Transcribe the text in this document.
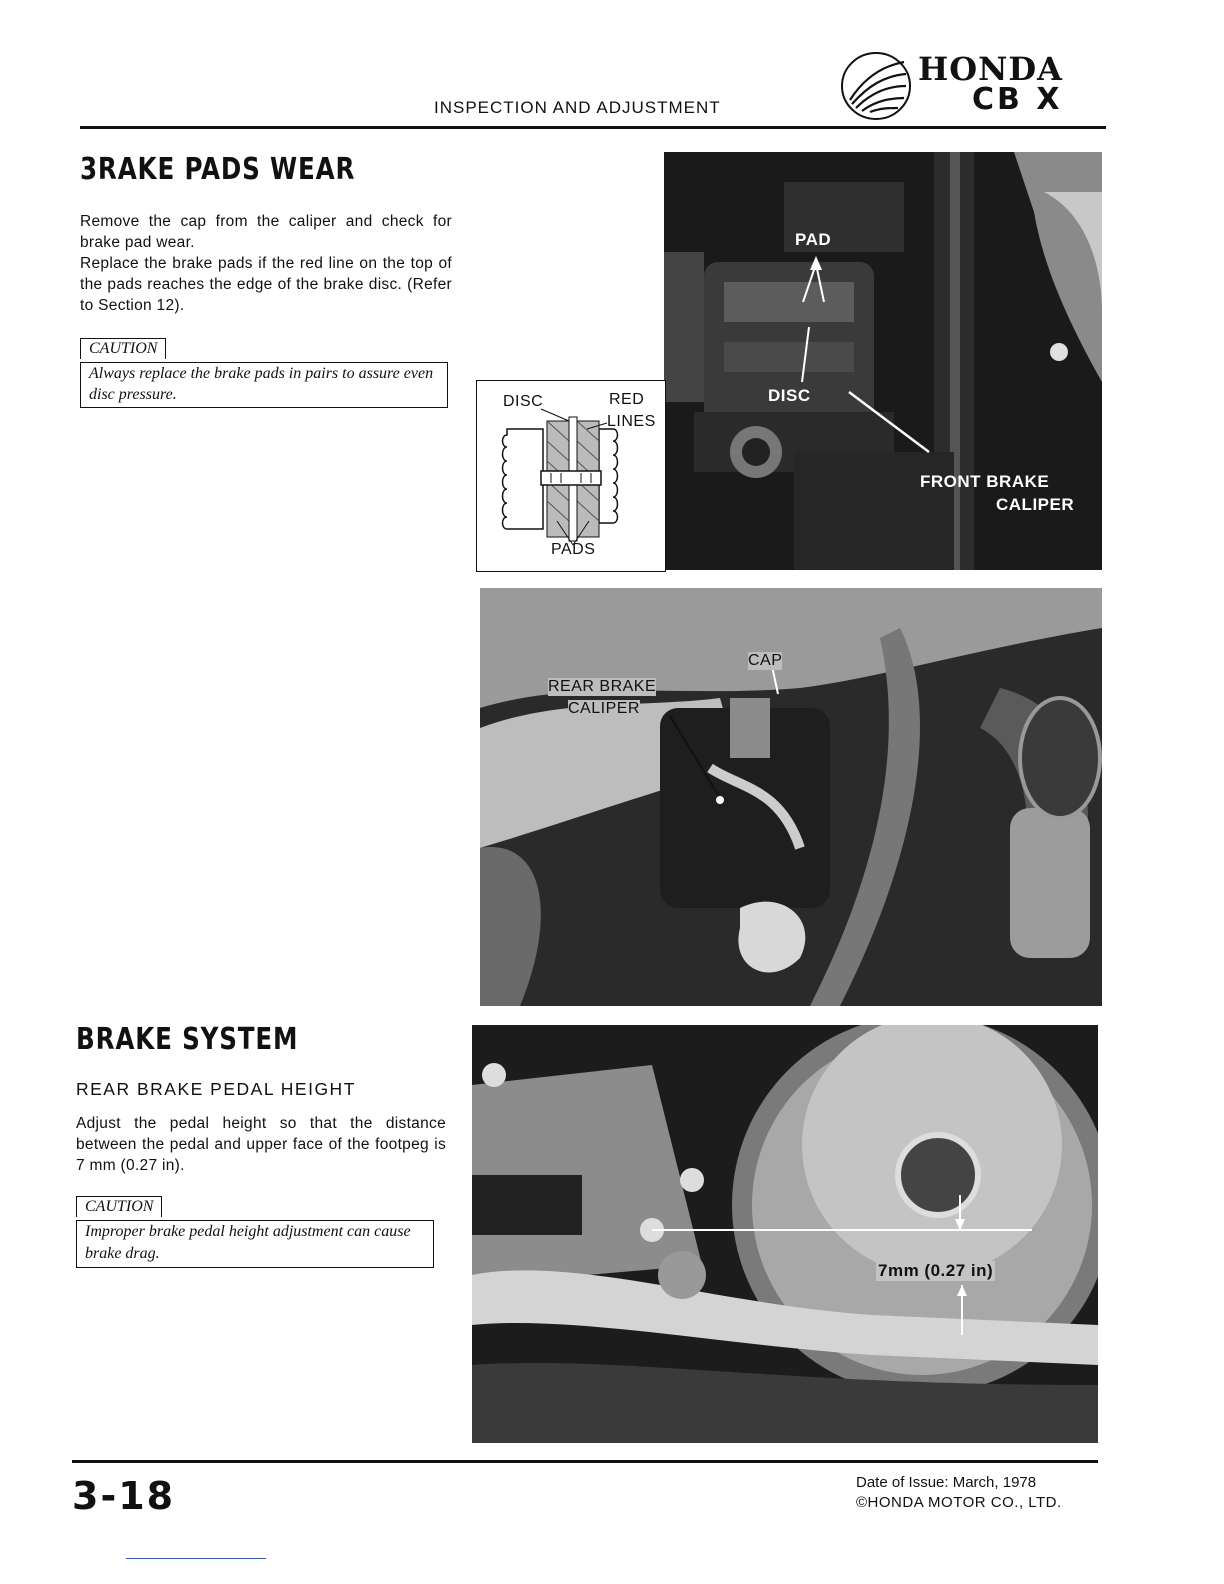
INSPECTION AND ADJUSTMENT
HONDA
CB X
3RAKE PADS WEAR
Remove the cap from the caliper and check for brake pad wear.
Replace the brake pads if the red line on the top of the pads reaches the edge of the brake disc. (Refer to Section 12).
CAUTION
Always replace the brake pads in pairs to assure even disc pressure.
PAD
DISC
FRONT BRAKE
CALIPER
DISC	RED
LINES
PADS
CAP
REAR BRAKE
CALIPER
BRAKE SYSTEM
REAR BRAKE PEDAL HEIGHT
Adjust the pedal height so that the distance between the pedal and upper face of the footpeg is 7 mm (0.27 in).
CAUTION
Improper brake pedal height adjustment can cause brake drag.
7mm (0.27 in)
3-18	Date of Issue: March, 1978
©HONDA MOTOR CO., LTD.
